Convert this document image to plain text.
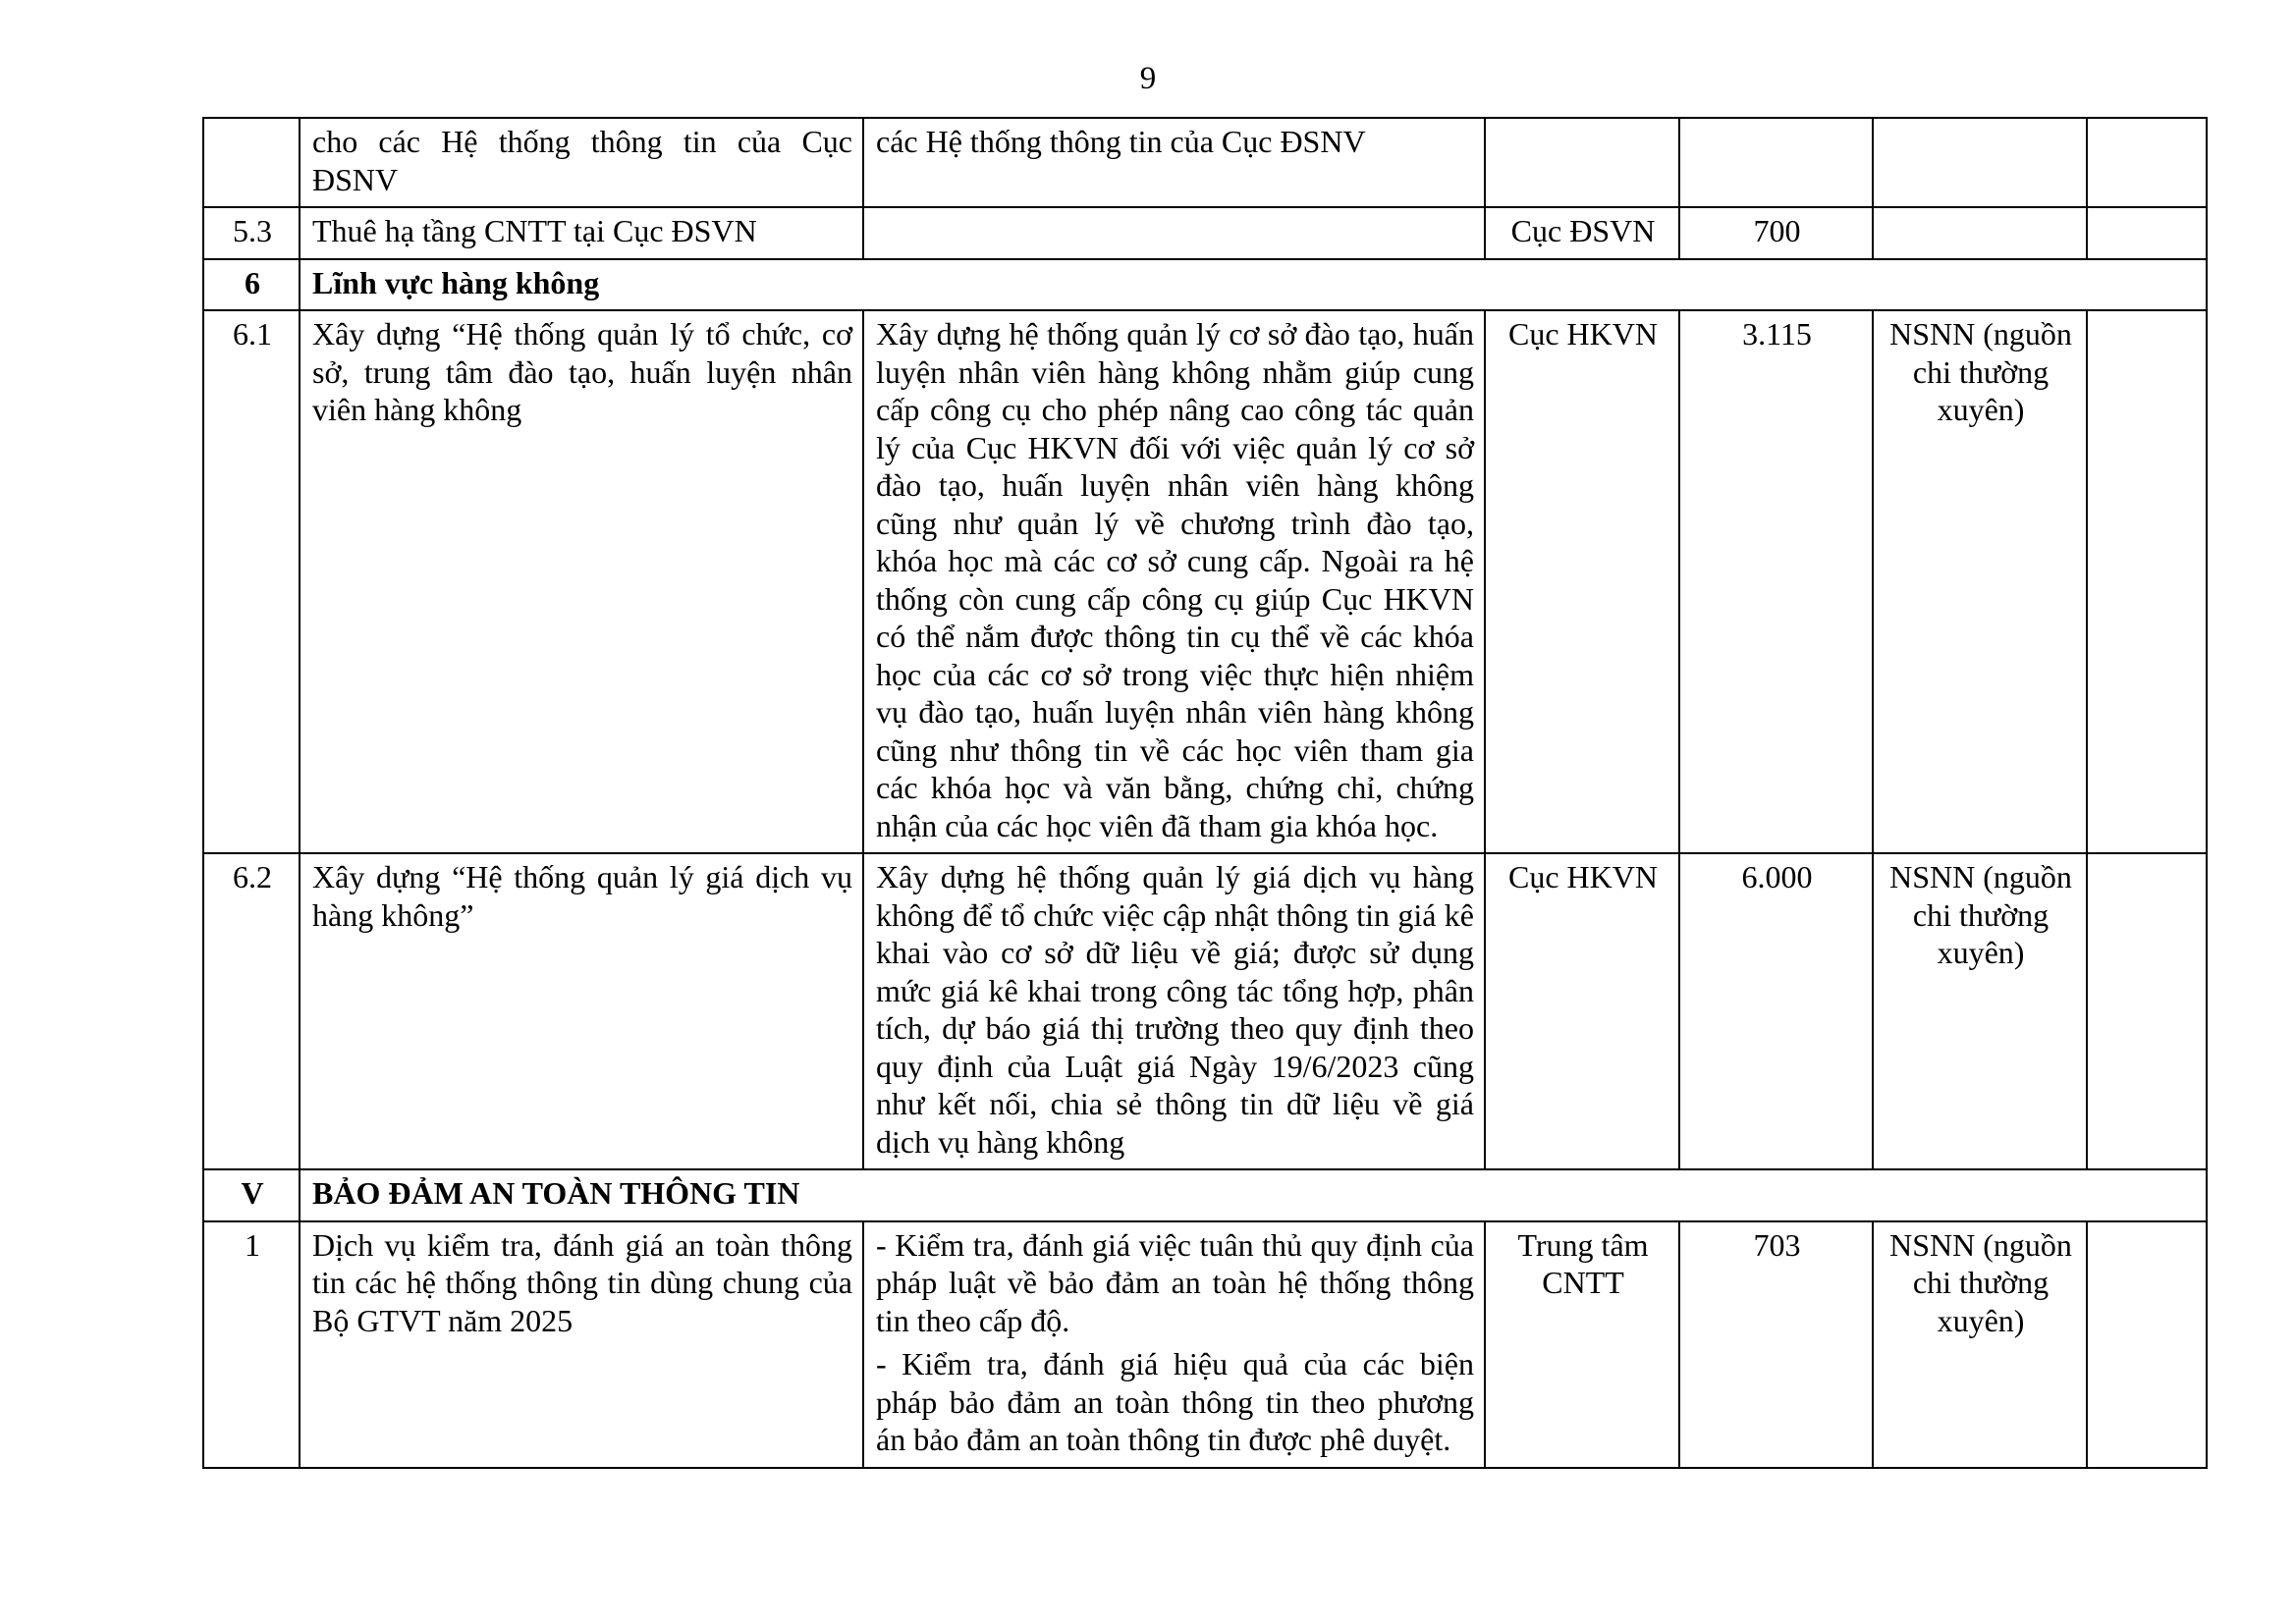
9
	cho các Hệ thống thông tin của Cục ĐSNV	các Hệ thống thông tin của Cục ĐSNV				

5.3	Thuê hạ tầng CNTT tại Cục ĐSVN		Cục ĐSVN	700		
6	Lĩnh vực hàng không					
6.1	Xây dựng “Hệ thống quản lý tổ chức, cơ sở, trung tâm đào tạo, huấn luyện nhân viên hàng không	Xây dựng hệ thống quản lý cơ sở đào tạo, huấn luyện nhân viên hàng không nhằm giúp cung cấp công cụ cho phép nâng cao công tác quản lý của Cục HKVN đối với việc quản lý cơ sở đào tạo, huấn luyện nhân viên hàng không cũng như quản lý về chương trình đào tạo, khóa học mà các cơ sở cung cấp. Ngoài ra hệ thống còn cung cấp công cụ giúp Cục HKVN có thể nắm được thông tin cụ thể về các khóa học của các cơ sở trong việc thực hiện nhiệm vụ đào tạo, huấn luyện nhân viên hàng không cũng như thông tin về các học viên tham gia các khóa học và văn bằng, chứng chỉ, chứng nhận của các học viên đã tham gia khóa học.	Cục HKVN	3.115	NSNN (nguồn chi thường xuyên)	
6.2	Xây dựng “Hệ thống quản lý giá dịch vụ hàng không”	Xây dựng hệ thống quản lý giá dịch vụ hàng không để tổ chức việc cập nhật thông tin giá kê khai vào cơ sở dữ liệu về giá; được sử dụng mức giá kê khai trong công tác tổng hợp, phân tích, dự báo giá thị trường theo quy định theo quy định của Luật giá Ngày 19/6/2023 cũng như kết nối, chia sẻ thông tin dữ liệu về giá dịch vụ hàng không	Cục HKVN	6.000	NSNN (nguồn chi thường xuyên)	
V	BẢO ĐẢM AN TOÀN THÔNG TIN					
1	Dịch vụ kiểm tra, đánh giá an toàn thông tin các hệ thống thông tin dùng chung của Bộ GTVT năm 2025	- Kiểm tra, đánh giá việc tuân thủ quy định của pháp luật về bảo đảm an toàn hệ thống thông tin theo cấp độ.
- Kiểm tra, đánh giá hiệu quả của các biện pháp bảo đảm an toàn thông tin theo phương án bảo đảm an toàn thông tin được phê duyệt.	Trung tâm CNTT	703	NSNN (nguồn chi thường xuyên)	
